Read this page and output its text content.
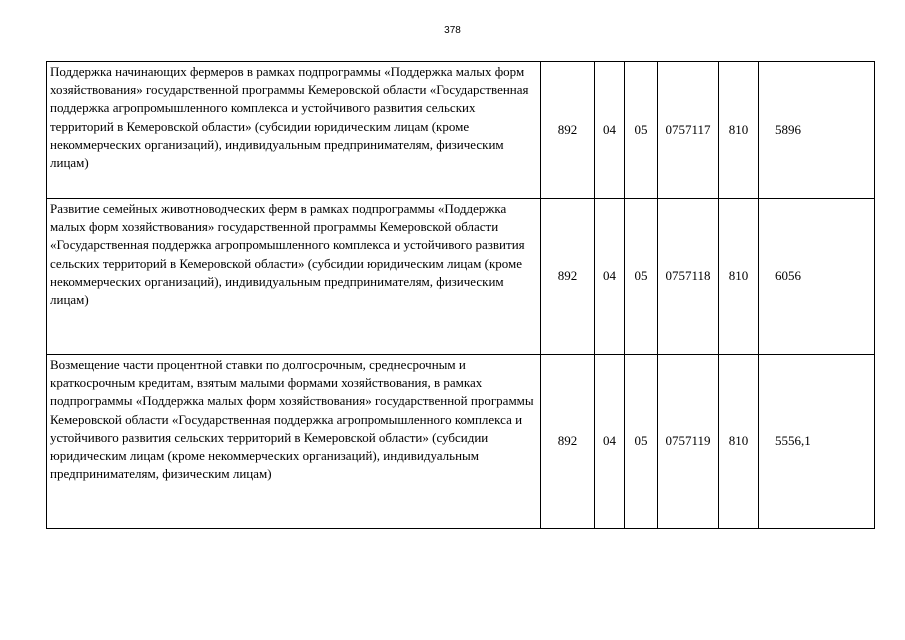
378
Поддержка начинающих фермеров в рамках подпрограммы «Поддержка малых форм хозяйствования» государственной программы Кемеровской области «Государственная поддержка агропромышленного комплекса и устойчивого развития сельских территорий в Кемеровской области» (субсидии юридическим лицам (кроме некоммерческих организаций), индивидуальным предпринимателям, физическим лицам)	892	04	05	0757117	810	5896
Развитие семейных животноводческих ферм в рамках подпрограммы «Поддержка малых форм хозяйствования» государственной программы Кемеровской области «Государственная поддержка агропромышленного комплекса и устойчивого развития сельских территорий в Кемеровской области» (субсидии юридическим лицам (кроме некоммерческих организаций), индивидуальным предпринимателям, физическим лицам)	892	04	05	0757118	810	6056
Возмещение части процентной ставки по долгосрочным, среднесрочным и краткосрочным кредитам, взятым малыми формами хозяйствования, в рамках подпрограммы «Поддержка малых форм хозяйствования» государственной программы Кемеровской области «Государственная поддержка агропромышленного комплекса и устойчивого развития сельских территорий в Кемеровской области» (субсидии юридическим лицам (кроме некоммерческих организаций), индивидуальным предпринимателям, физическим лицам)	892	04	05	0757119	810	5556,1
